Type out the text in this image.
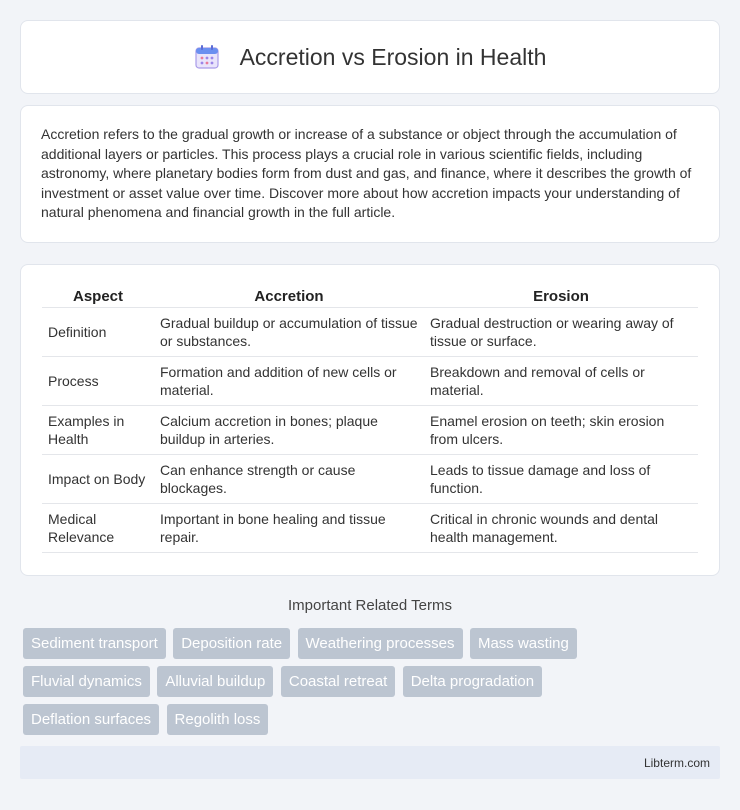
Accretion vs Erosion in Health

Accretion refers to the gradual growth or increase of a substance or object through the accumulation of additional layers or particles. This process plays a crucial role in various scientific fields, including astronomy, where planetary bodies form from dust and gas, and finance, where it describes the growth of investment or asset value over time. Discover more about how accretion impacts your understanding of natural phenomena and financial growth in the full article.

Aspect	Accretion	Erosion
Definition	Gradual buildup or accumulation of tissue or substances.	Gradual destruction or wearing away of tissue or surface.
Process	Formation and addition of new cells or material.	Breakdown and removal of cells or material.
Examples in Health	Calcium accretion in bones; plaque buildup in arteries.	Enamel erosion on teeth; skin erosion from ulcers.
Impact on Body	Can enhance strength or cause blockages.	Leads to tissue damage and loss of function.
Medical Relevance	Important in bone healing and tissue repair.	Critical in chronic wounds and dental health management.
Important Related Terms
Sediment transport Deposition rate Weathering processes Mass wasting
Fluvial dynamics Alluvial buildup Coastal retreat Delta progradation
Deflation surfaces Regolith loss
Libterm.com
